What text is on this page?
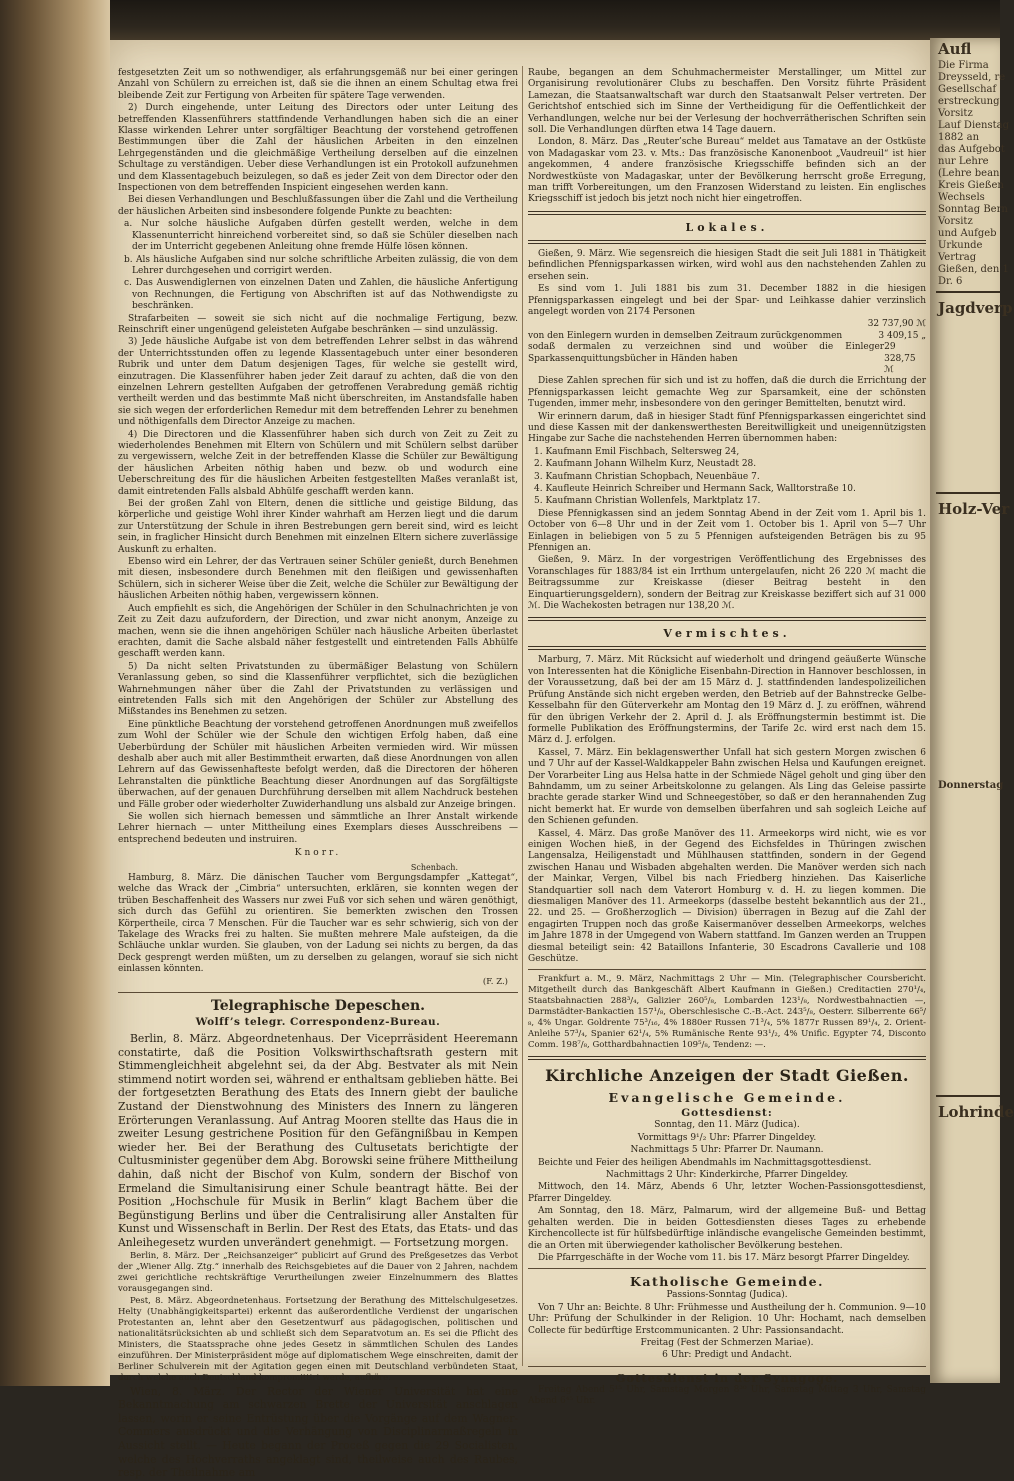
festgesetzten Zeit um so nothwendiger, als erfahrungsgemäß nur bei einer geringen Anzahl von Schülern zu erreichen ist, daß sie die ihnen an einem Schultag etwa frei bleibende Zeit zur Fertigung von Arbeiten für spätere Tage verwenden.

2) Durch eingehende, unter Leitung des Directors oder unter Leitung des betreffenden Klassenführers stattfindende Verhandlungen haben sich die an einer Klasse wirkenden Lehrer unter sorgfältiger Beachtung der vorstehend getroffenen Bestimmungen über die Zahl der häuslichen Arbeiten in den einzelnen Lehrgegenständen und die gleichmäßige Vertheilung derselben auf die einzelnen Schultage zu verständigen. Ueber diese Verhandlungen ist ein Protokoll aufzunehmen und dem Klassentagebuch beizulegen, so daß es jeder Zeit von dem Director oder den Inspectionen von dem betreffenden Inspicient eingesehen werden kann.

Bei diesen Verhandlungen und Beschlußfassungen über die Zahl und die Vertheilung der häuslichen Arbeiten sind insbesondere folgende Punkte zu beachten:

a. Nur solche häusliche Aufgaben dürfen gestellt werden, welche in dem Klassenunterricht hinreichend vorbereitet sind, so daß sie Schüler dieselben nach der im Unterricht gegebenen Anleitung ohne fremde Hülfe lösen können.

b. Als häusliche Aufgaben sind nur solche schriftliche Arbeiten zulässig, die von dem Lehrer durchgesehen und corrigirt werden.

c. Das Auswendiglernen von einzelnen Daten und Zahlen, die häusliche Anfertigung von Rechnungen, die Fertigung von Abschriften ist auf das Nothwendigste zu beschränken.

Strafarbeiten — soweit sie sich nicht auf die nochmalige Fertigung, bezw. Reinschrift einer ungenügend geleisteten Aufgabe beschränken — sind unzulässig.

3) Jede häusliche Aufgabe ist von dem betreffenden Lehrer selbst in das während der Unterrichtsstunden offen zu legende Klassentagebuch unter einer besonderen Rubrik und unter dem Datum desjenigen Tages, für welche sie gestellt wird, einzutragen. Die Klassenführer haben jeder Zeit darauf zu achten, daß die von den einzelnen Lehrern gestellten Aufgaben der getroffenen Verabredung gemäß richtig vertheilt werden und das bestimmte Maß nicht überschreiten, im Anstandsfalle haben sie sich wegen der erforderlichen Remedur mit dem betreffenden Lehrer zu benehmen und nöthigenfalls dem Director Anzeige zu machen.

4) Die Directoren und die Klassenführer haben sich durch von Zeit zu Zeit zu wiederholendes Benehmen mit Eltern von Schülern und mit Schülern selbst darüber zu vergewissern, welche Zeit in der betreffenden Klasse die Schüler zur Bewältigung der häuslichen Arbeiten nöthig haben und bezw. ob und wodurch eine Ueberschreitung des für die häuslichen Arbeiten festgestellten Maßes veranlaßt ist, damit eintretenden Falls alsbald Abhülfe geschafft werden kann.

Bei der großen Zahl von Eltern, denen die sittliche und geistige Bildung, das körperliche und geistige Wohl ihrer Kinder wahrhaft am Herzen liegt und die darum zur Unterstützung der Schule in ihren Bestrebungen gern bereit sind, wird es leicht sein, in fraglicher Hinsicht durch Benehmen mit einzelnen Eltern sichere zuverlässige Auskunft zu erhalten.

Ebenso wird ein Lehrer, der das Vertrauen seiner Schüler genießt, durch Benehmen mit diesen, insbesondere durch Benehmen mit den fleißigen und gewissenhaften Schülern, sich in sicherer Weise über die Zeit, welche die Schüler zur Bewältigung der häuslichen Arbeiten nöthig haben, vergewissern können.

Auch empfiehlt es sich, die Angehörigen der Schüler in den Schulnachrichten je von Zeit zu Zeit dazu aufzufordern, der Direction, und zwar nicht anonym, Anzeige zu machen, wenn sie die ihnen angehörigen Schüler nach häusliche Arbeiten überlastet erachten, damit die Sache alsbald näher festgestellt und eintretenden Falls Abhülfe geschafft werden kann.

5) Da nicht selten Privatstunden zu übermäßiger Belastung von Schülern Veranlassung geben, so sind die Klassenführer verpflichtet, sich die bezüglichen Wahrnehmungen näher über die Zahl der Privatstunden zu verlässigen und eintretenden Falls sich mit den Angehörigen der Schüler zur Abstellung des Mißstandes ins Benehmen zu setzen.

Eine pünktliche Beachtung der vorstehend getroffenen Anordnungen muß zweifellos zum Wohl der Schüler wie der Schule den wichtigen Erfolg haben, daß eine Ueberbürdung der Schüler mit häuslichen Arbeiten vermieden wird. Wir müssen deshalb aber auch mit aller Bestimmtheit erwarten, daß diese Anordnungen von allen Lehrern auf das Gewissenhafteste befolgt werden, daß die Directoren der höheren Lehranstalten die pünktliche Beachtung dieser Anordnungen auf das Sorgfältigste überwachen, auf der genauen Durchführung derselben mit allem Nachdruck bestehen und Fälle grober oder wiederholter Zuwiderhandlung uns alsbald zur Anzeige bringen.

Sie wollen sich hiernach bemessen und sämmtliche an Ihrer Anstalt wirkende Lehrer hiernach — unter Mittheilung eines Exemplars dieses Ausschreibens — entsprechend bedeuten und instruiren.

Knorr.
Schenbach.

Hamburg, 8. März. Die dänischen Taucher vom Bergungsdampfer „Kattegat“, welche das Wrack der „Cimbria“ untersuchten, erklären, sie konnten wegen der trüben Beschaffenheit des Wassers nur zwei Fuß vor sich sehen und wären genöthigt, sich durch das Gefühl zu orientiren. Sie bemerkten zwischen den Trossen Körpertheile, circa 7 Menschen. Für die Taucher war es sehr schwierig, sich von der Takelage des Wracks frei zu halten. Sie mußten mehrere Male aufsteigen, da die Schläuche unklar wurden. Sie glauben, von der Ladung sei nichts zu bergen, da das Deck gesprengt werden müßten, um zu derselben zu gelangen, worauf sie sich nicht einlassen könnten.

(F. Z.)
Telegraphische Depeschen.
Wolff’s telegr. Correspondenz-Bureau.

Berlin, 8. März. Abgeordnetenhaus. Der Viceprräsident Heeremann constatirte, daß die Position Volkswirthschaftsrath gestern mit Stimmengleichheit abgelehnt sei, da der Abg. Bestvater als mit Nein stimmend notirt worden sei, während er enthaltsam geblieben hätte. Bei der fortgesetzten Berathung des Etats des Innern giebt der bauliche Zustand der Dienstwohnung des Ministers des Innern zu längeren Erörterungen Veranlassung. Auf Antrag Mooren stellte das Haus die in zweiter Lesung gestrichene Position für den Gefängnißbau in Kempen wieder her. Bei der Berathung des Cultusetats berichtigte der Cultusminister gegenüber dem Abg. Borowski seine frühere Mittheilung dahin, daß nicht der Bischof von Kulm, sondern der Bischof von Ermeland die Simultanisirung einer Schule beantragt hätte. Bei der Position „Hochschule für Musik in Berlin“ klagt Bachem über die Begünstigung Berlins und über die Centralisirung aller Anstalten für Kunst und Wissenschaft in Berlin. Der Rest des Etats, das Etats- und das Anleihegesetz wurden unverändert genehmigt. — Fortsetzung morgen.

Berlin, 8. März. Der „Reichsanzeiger“ publicirt auf Grund des Preßgesetzes das Verbot der „Wiener Allg. Ztg.“ innerhalb des Reichsgebietes auf die Dauer von 2 Jahren, nachdem zwei gerichtliche rechtskräftige Verurtheilungen zweier Einzelnummern des Blattes vorausgegangen sind.

Pest, 8. März. Abgeordnetenhaus. Fortsetzung der Berathung des Mittelschulgesetzes. Helty (Unabhängigkeitspartei) erkennt das außerordentliche Verdienst der ungarischen Protestanten an, lehnt aber den Gesetzentwurf aus pädagogischen, politischen und nationalitätsrücksichten ab und schließt sich dem Separatvotum an. Es sei die Pflicht des Ministers, die Staatssprache ohne jedes Gesetz in sämmtlichen Schulen des Landes einzuführen. Der Ministerpräsident möge auf diplomatischem Wege einschreiten, damit der Berliner Schulverein mit der Agitation gegen einen mit Deutschland verbündeten Staat, durch welche auch Deutschland kompromittirt werde, aufhöre.

Wien, 8. März. Der Rector der Wiener Universität hat eine Bekanntmachung am schwarzen Brette der Universität anschlagen lassen, worin er seine Entrüstung über die Vorgänge auf dem Wagner-Commers ausdrückt und die Verhängung von Disciplinarmaßregeln in Aussicht stellt. — Heute begann der Proceß gegen die 29 Socialisten, welche des Hochverraths angeklagt sind, theilweise auch des Raubes, resp. der Theilnahme am

Raube, begangen an dem Schuhmachermeister Merstallinger, um Mittel zur Organisirung revolutionärer Clubs zu beschaffen. Den Vorsitz führte Präsident Lamezan, die Staatsanwaltschaft war durch den Staatsanwalt Pelser vertreten. Der Gerichtshof entschied sich im Sinne der Vertheidigung für die Oeffentlichkeit der Verhandlungen, welche nur bei der Verlesung der hochverrätherischen Schriften sein soll. Die Verhandlungen dürften etwa 14 Tage dauern.

London, 8. März. Das „Reuter’sche Bureau“ meldet aus Tamatave an der Ostküste von Madagaskar vom 23. v. Mts.: Das französische Kanonenboot „Vaudreuil“ ist hier angekommen, 4 andere französische Kriegsschiffe befinden sich an der Nordwestküste von Madagaskar, unter der Bevölkerung herrscht große Erregung, man trifft Vorbereitungen, um den Franzosen Widerstand zu leisten. Ein englisches Kriegsschiff ist jedoch bis jetzt noch nicht hier eingetroffen.

Lokales.

Gießen, 9. März. Wie segensreich die hiesigen Stadt die seit Juli 1881 in Thätigkeit befindlichen Pfennigsparkassen wirken, wird wohl aus den nachstehenden Zahlen zu ersehen sein.

Es sind vom 1. Juli 1881 bis zum 31. December 1882 in die hiesigen Pfennigsparkassen eingelegt und bei der Spar- und Leihkasse dahier verzinslich angelegt worden von 2174 Personen

32 737,90 ℳ
von den Einlegern wurden in demselben Zeitraum zurückgenommen	3 409,15 „
sodaß dermalen zu verzeichnen sind und woüber die Einleger Sparkassenquittungsbücher in Händen haben
29 328,75 ℳ

Diese Zahlen sprechen für sich und ist zu hoffen, daß die durch die Errichtung der Pfennigsparkassen leicht gemachte Weg zur Sparsamkeit, eine der schönsten Tugenden, immer mehr, insbesondere von den geringer Bemittelten, benutzt wird.

Wir erinnern darum, daß in hiesiger Stadt fünf Pfennigsparkassen eingerichtet sind und diese Kassen mit der dankenswerthesten Bereitwilligkeit und uneigennützigsten Hingabe zur Sache die nachstehenden Herren übernommen haben:

1. Kaufmann Emil Fischbach, Seltersweg 24,

2. Kaufmann Johann Wilhelm Kurz, Neustadt 28.

3. Kaufmann Christian Schopbach, Neuenbäue 7.

4. Kaufleute Heinrich Schreiber und Hermann Sack, Walltorstraße 10.

5. Kaufmann Christian Wollenfels, Marktplatz 17.

Diese Pfennigkassen sind an jedem Sonntag Abend in der Zeit vom 1. April bis 1. October von 6—8 Uhr und in der Zeit vom 1. October bis 1. April von 5—7 Uhr Einlagen in beliebigen von 5 zu 5 Pfennigen aufsteigenden Beträgen bis zu 95 Pfennigen an.

Gießen, 9. März. In der vorgestrigen Veröffentlichung des Ergebnisses des Voranschlages für 1883/84 ist ein Irrthum untergelaufen, nicht 26 220 ℳ macht die Beitragssumme zur Kreiskasse (dieser Beitrag besteht in den Einquartierungsgeldern), sondern der Beitrag zur Kreiskasse beziffert sich auf 31 000 ℳ. Die Wachekosten betragen nur 138,20 ℳ.

Vermischtes.

Marburg, 7. März. Mit Rücksicht auf wiederholt und dringend geäußerte Wünsche von Interessenten hat die Königliche Eisenbahn-Direction in Hannover beschlossen, in der Voraussetzung, daß bei der am 15 März d. J. stattfindenden landespolizeilichen Prüfung Anstände sich nicht ergeben werden, den Betrieb auf der Bahnstrecke Gelbe-Kesselbahn für den Güterverkehr am Montag den 19 März d. J. zu eröffnen, während für den übrigen Verkehr der 2. April d. J. als Eröffnungstermin bestimmt ist. Die formelle Publikation des Eröffnungstermins, der Tarife 2c. wird erst nach dem 15. März d. J. erfolgen.

Kassel, 7. März. Ein beklagenswerther Unfall hat sich gestern Morgen zwischen 6 und 7 Uhr auf der Kassel-Waldkappeler Bahn zwischen Helsa und Kaufungen ereignet. Der Vorarbeiter Ling aus Helsa hatte in der Schmiede Nägel geholt und ging über den Bahndamm, um zu seiner Arbeitskolonne zu gelangen. Als Ling das Geleise passirte brachte gerade starker Wind und Schneegestöber, so daß er den herannahenden Zug nicht bemerkt hat. Er wurde von demselben überfahren und sah sogleich Leiche auf den Schienen gefunden.

Kassel, 4. März. Das große Manöver des 11. Armeekorps wird nicht, wie es vor einigen Wochen hieß, in der Gegend des Eichsfeldes in Thüringen zwischen Langensalza, Heiligenstadt und Mühlhausen stattfinden, sondern in der Gegend zwischen Hanau und Wisbaden abgehalten werden. Die Manöver werden sich nach der Mainkar, Vergen, Vilbel bis nach Friedberg hinziehen. Das Kaiserliche Standquartier soll nach dem Vaterort Homburg v. d. H. zu liegen kommen. Die diesmaligen Manöver des 11. Armeekorps (dasselbe besteht bekanntlich aus der 21., 22. und 25. — Großherzoglich — Division) überragen in Bezug auf die Zahl der engagirten Truppen noch das große Kaisermanöver desselben Armeekorps, welches im Jahre 1878 in der Umgegend von Wabern stattfand. Im Ganzen werden an Truppen diesmal beteiligt sein: 42 Bataillons Infanterie, 30 Escadrons Cavallerie und 108 Geschütze.

Frankfurt a. M., 9. März, Nachmittags 2 Uhr — Min. (Telegraphischer Coursbericht. Mitgetheilt durch das Bankgeschäft Albert Kaufmann in Gießen.) Creditactien 270¹/₄, Staatsbahnactien 288³/₄, Galizier 260⁵/₈, Lombarden 123¹/₈, Nordwestbahnactien —, Darmstädter-Bankactien 157¹/₈, Oberschlesische C.-B.-Act. 243⁵/₈, Oesterr. Silberrente 66⁵/₈, 4% Ungar. Goldrente 75³/₁₆, 4% 1880er Russen 71³/₄, 5% 1877r Russen 89¹/₄, 2. Orient-Anleihe 57³/₄, Spanier 62¹/₄, 5% Rumänische Rente 93¹/₂, 4% Unific. Egypter 74, Disconto Comm. 198⁷/₈, Gotthardbahnactien 109⁵/₈, Tendenz: —.

Kirchliche Anzeigen der Stadt Gießen.
Evangelische Gemeinde.
Gottesdienst:

Sonntag, den 11. März (Judica).

Vormittags 9¹/₂ Uhr: Pfarrer Dingeldey.

Nachmittags 5 Uhr: Pfarrer Dr. Naumann.

Beichte und Feier des heiligen Abendmahls im Nachmittagsgottesdienst.

Nachmittags 2 Uhr: Kinderkirche, Pfarrer Dingeldey.

Mittwoch, den 14. März, Abends 6 Uhr, letzter Wochen-Passionsgottesdienst, Pfarrer Dingeldey.

Am Sonntag, den 18. März, Palmarum, wird der allgemeine Buß- und Bettag gehalten werden. Die in beiden Gottesdiensten dieses Tages zu erhebende Kirchencollecte ist für hülfsbedürftige inländische evangelische Gemeinden bestimmt, die an Orten mit überwiegender katholischer Bevölkerung bestehen.

Die Pfarrgeschäfte in der Woche vom 11. bis 17. März besorgt Pfarrer Dingeldey.

Katholische Gemeinde.

Passions-Sonntag (Judica).

Von 7 Uhr an: Beichte. 8 Uhr: Frühmesse und Austheilung der h. Communion. 9—10 Uhr: Prüfung der Schulkinder in der Religion. 10 Uhr: Hochamt, nach demselben Collecte für bedürftige Erstcommunicanten. 2 Uhr: Passionsandacht.

Freitag (Fest der Schmerzen Mariae).

6 Uhr: Predigt und Andacht.

Gottesdienst in der Synagoge.

Freitag Abend 5¹⁵ Uhr, Samstag Morgen 8³⁰ Uhr, Samstag Mittag 3 Uhr, Samstag Abend 6⁴⁵ Uhr.

Aufl
Die Firma
Dreysseld, re
Gesellschaf
erstreckung
Vorsitz
Lauf Dienstag
1882 an
das Aufgebot
nur Lehre
(Lehre bean
Kreis Gießen
Wechsels
Sonntag Bern
Vorsitz
und Aufgeb
Urkunde
Vertrag
Gießen, den 1
Dr. 6
Jagdverp
Holz-Ver
Donnerstag
Lohrinde
